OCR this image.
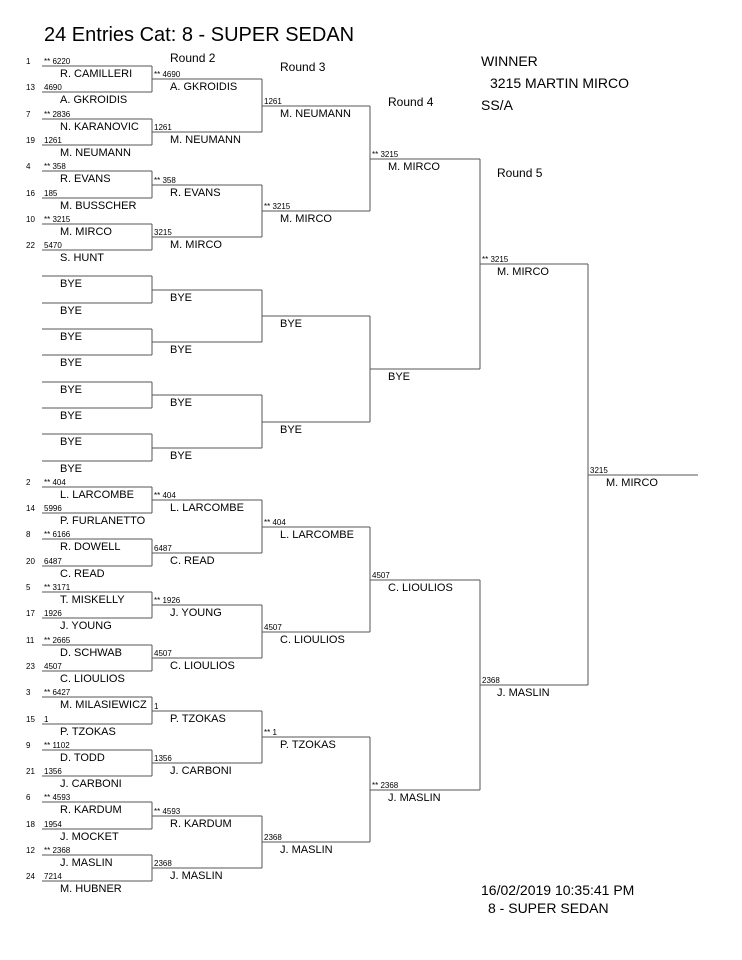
24 Entries Cat: 8 - SUPER SEDAN
Round 2
Round 3
Round 4
Round 5
WINNER
3215 MARTIN MIRCO
SS/A
16/02/2019 10:35:41 PM
8 - SUPER SEDAN
1 ** 6220
R. CAMILLERI
13 4690
A. GKROIDIS
7 ** 2836
N. KARANOVIC
19 1261
M. NEUMANN
4 ** 358
R. EVANS
16 185
M. BUSSCHER
10 ** 3215
M. MIRCO
22 5470
S. HUNT
BYE
BYE
BYE
BYE
BYE
BYE
BYE
BYE
2 ** 404
L. LARCOMBE
14 5996
P. FURLANETTO
8 ** 6166
R. DOWELL
20 6487
C. READ
5 ** 3171
T. MISKELLY
17 1926
J. YOUNG
11 ** 2665
D. SCHWAB
23 4507
C. LIOULIOS
3 ** 6427
M. MILASIEWICZ
15 1
P. TZOKAS
9 ** 1102
D. TODD
21 1356
J. CARBONI
6 ** 4593
R. KARDUM
18 1954
J. MOCKET
12 ** 2368
J. MASLIN
24 7214
M. HUBNER
** 4690
A. GKROIDIS
1261
M. NEUMANN
** 358
R. EVANS
3215
M. MIRCO
BYE
BYE
BYE
BYE
** 404
L. LARCOMBE
6487
C. READ
** 1926
J. YOUNG
4507
C. LIOULIOS
1
P. TZOKAS
1356
J. CARBONI
** 4593
R. KARDUM
2368
J. MASLIN
1261
M. NEUMANN
** 3215
M. MIRCO
BYE
BYE
** 404
L. LARCOMBE
4507
C. LIOULIOS
** 1
P. TZOKAS
2368
J. MASLIN
** 3215
M. MIRCO
BYE
4507
C. LIOULIOS
** 2368
J. MASLIN
** 3215
M. MIRCO
2368
J. MASLIN
3215
M. MIRCO
